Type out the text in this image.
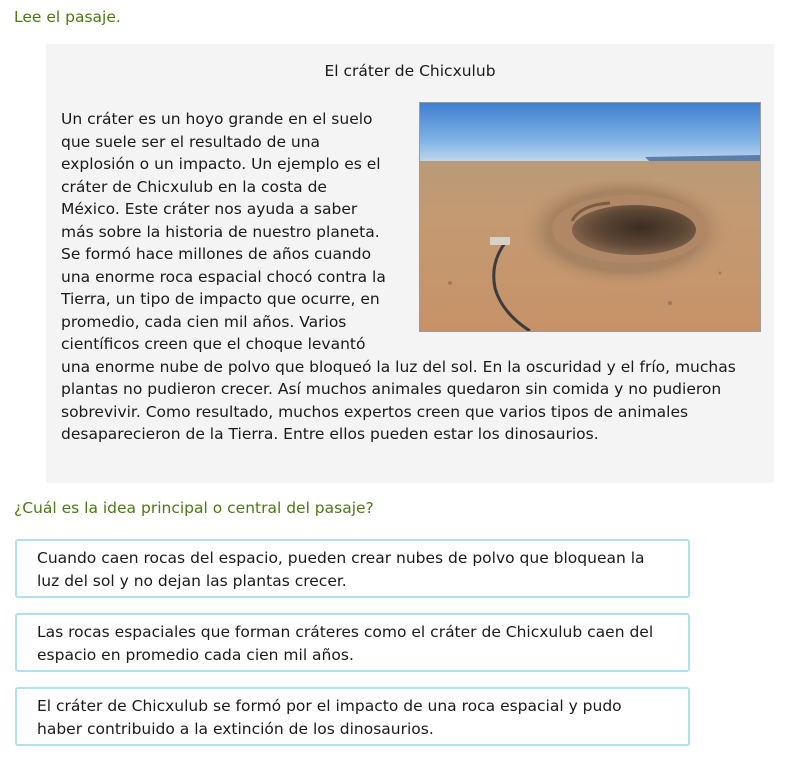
Lee el pasaje.

El cráter de Chicxulub
Un cráter es un hoyo grande en el suelo que suele ser el resultado de una explosión o un impacto. Un ejemplo es el cráter de Chicxulub en la costa de México. Este cráter nos ayuda a saber más sobre la historia de nuestro planeta. Se formó hace millones de años cuando una enorme roca espacial chocó contra la Tierra, un tipo de impacto que ocurre, en promedio, cada cien mil años. Varios científicos creen que el choque levantó una enorme nube de polvo que bloqueó la luz del sol. En la oscuridad y el frío, muchas plantas no pudieron crecer. Así muchos animales quedaron sin comida y no pudieron sobrevivir. Como resultado, muchos expertos creen que varios tipos de animales desaparecieron de la Tierra. Entre ellos pueden estar los dinosaurios.

¿Cuál es la idea principal o central del pasaje?

Cuando caen rocas del espacio, pueden crear nubes de polvo que bloquean la luz del sol y no dejan las plantas crecer.
Las rocas espaciales que forman cráteres como el cráter de Chicxulub caen del espacio en promedio cada cien mil años.
El cráter de Chicxulub se formó por el impacto de una roca espacial y pudo haber contribuido a la extinción de los dinosaurios.
